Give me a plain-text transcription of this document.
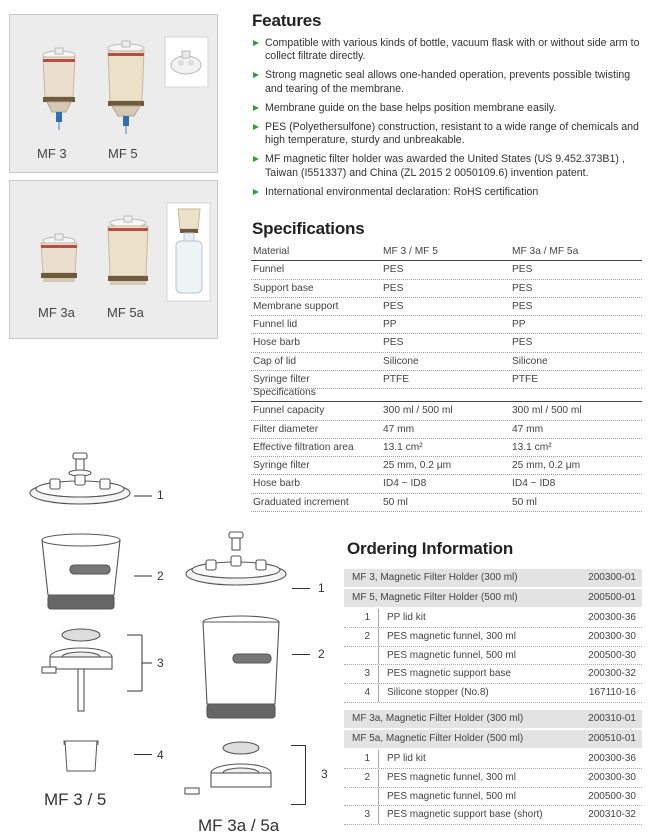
MF 3	MF 5
MF 3a MF 5a
Features
Compatible with various kinds of bottle, vacuum flask with or without side arm to collect filtrate directly.
Strong magnetic seal allows one-handed operation, prevents possible twisting and tearing of the membrane.
Membrane guide on the base helps position membrane easily.
PES (Polyethersulfone) construction, resistant to a wide range of chemicals and high temperature, sturdy and unbreakable.
MF magnetic filter holder was awarded the United States (US 9.452.373B1) , Taiwan (I551337) and China (ZL 2015 2 0050109.6) invention patent.
International environmental declaration: RoHS certification
Specifications
Material	MF 3 / MF 5	MF 3a / MF 5a
Funnel	PES	PES
Support base	PES	PES
Membrane support	PES	PES
Funnel lid	PP	PP
Hose barb	PES	PES
Cap of lid	Silicone	Silicone
Syringe filter	PTFE	PTFE
Specifications
Funnel capacity	300 ml / 500 ml	300 ml / 500 ml
Filter diameter	47 mm	47 mm
Effective filtration area	13.1 cm²	13.1 cm²
Syringe filter	25 mm, 0.2 μm	25 mm, 0.2 μm
Hose barb	ID4 ~ ID8	ID4 ~ ID8
Graduated increment	50 ml	50 ml
1
2
3
4
MF 3 / 5
1
2
3
MF 3a / 5a
Ordering Information
MF 3, Magnetic Filter Holder (300 ml)	200300-01
MF 5, Magnetic Filter Holder (500 ml)	200500-01
1	PP lid kit	200300-36
2	PES magnetic funnel, 300 ml	200300-30
PES magnetic funnel, 500 ml	200500-30
3	PES magnetic support base	200300-32
4	Silicone stopper (No.8)	167110-16
MF 3a, Magnetic Filter Holder (300 ml)	200310-01
MF 5a, Magnetic Filter Holder (500 ml)	200510-01
1	PP lid kit	200300-36
2	PES magnetic funnel, 300 ml	200300-30
PES magnetic funnel, 500 ml	200500-30
3	PES magnetic support base (short)	200310-32
